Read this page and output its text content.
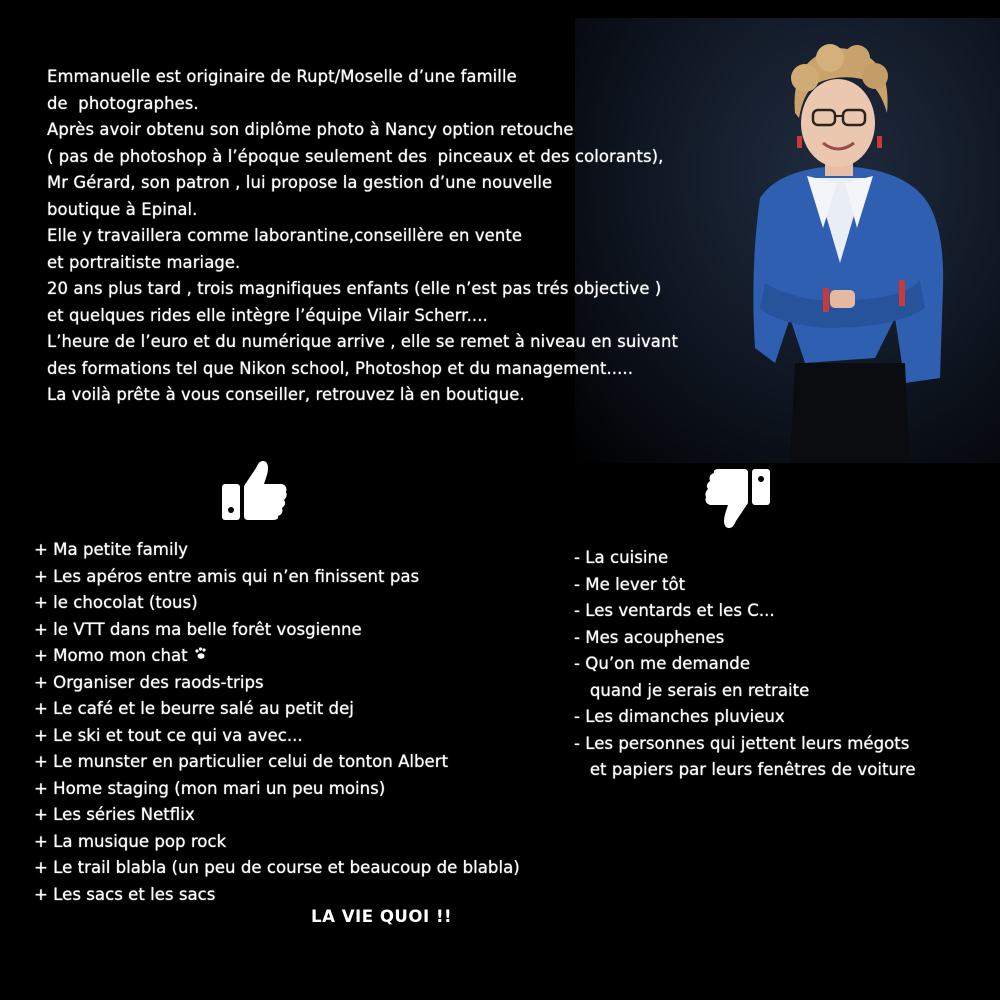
Emmanuelle est originaire de Rupt/Moselle d’une famille
de  photographes.
Après avoir obtenu son diplôme photo à Nancy option retouche
( pas de photoshop à l’époque seulement des  pinceaux et des colorants),
Mr Gérard, son patron , lui propose la gestion d’une nouvelle
boutique à Epinal.
Elle y travaillera comme laborantine,conseillère en vente
et portraitiste mariage.
20 ans plus tard , trois magnifiques enfants (elle n’est pas trés objective )
et quelques rides elle intègre l’équipe Vilair Scherr....
L’heure de l’euro et du numérique arrive , elle se remet à niveau en suivant
des formations tel que Nikon school, Photoshop et du management.....
La voilà prête à vous conseiller, retrouvez là en boutique.
+ Ma petite family
+ Les apéros entre amis qui n’en finissent pas
+ le chocolat (tous)
+ le VTT dans ma belle forêt vosgienne
+ Momo mon chat
+ Organiser des raods-trips
+ Le café et le beurre salé au petit dej
+ Le ski et tout ce qui va avec...
+ Le munster en particulier celui de tonton Albert
+ Home staging (mon mari un peu moins)
+ Les séries Netflix
+ La musique pop rock
+ Le trail blabla (un peu de course et beaucoup de blabla)
+ Les sacs et les sacs
- La cuisine
- Me lever tôt
- Les ventards et les C...
- Mes acouphenes
- Qu’on me demande
quand je serais en retraite
- Les dimanches pluvieux
- Les personnes qui jettent leurs mégots
et papiers par leurs fenêtres de voiture
LA VIE QUOI !!
